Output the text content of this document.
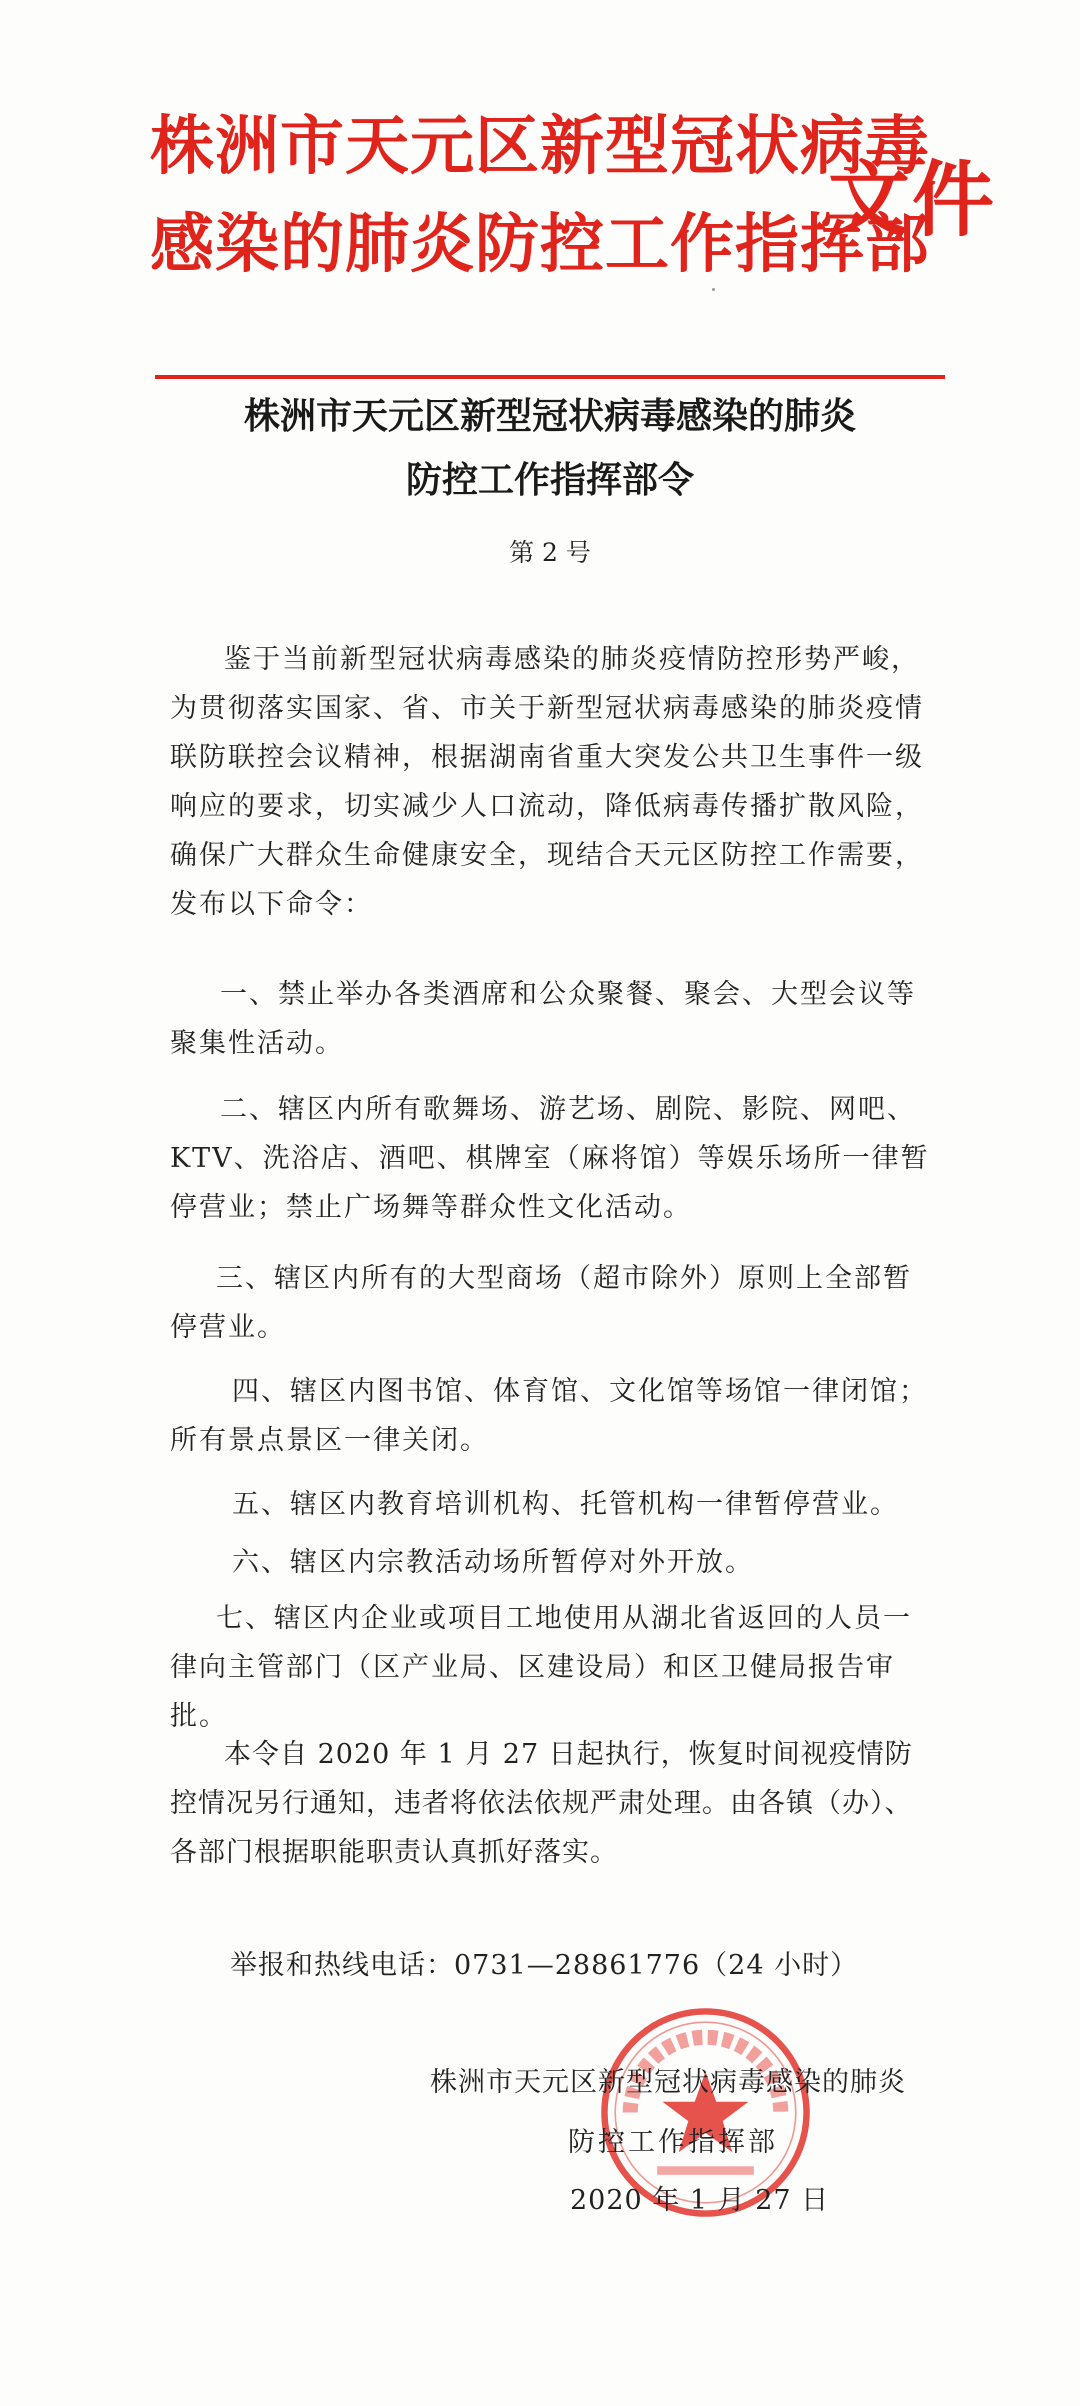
株洲市天元区新型冠状病毒
感染的肺炎防控工作指挥部
文件
株洲市天元区新型冠状病毒感染的肺炎
防控工作指挥部令
第 2 号
鉴于当前新型冠状病毒感染的肺炎疫情防控形势严峻，为贯彻落实国家、省、市关于新型冠状病毒感染的肺炎疫情联防联控会议精神，根据湖南省重大突发公共卫生事件一级响应的要求，切实减少人口流动，降低病毒传播扩散风险，确保广大群众生命健康安全，现结合天元区防控工作需要，发布以下命令：
一、禁止举办各类酒席和公众聚餐、聚会、大型会议等聚集性活动。
二、辖区内所有歌舞场、游艺场、剧院、影院、网吧、KTV、洗浴店、酒吧、棋牌室（麻将馆）等娱乐场所一律暂停营业；禁止广场舞等群众性文化活动。
三、辖区内所有的大型商场（超市除外）原则上全部暂停营业。
四、辖区内图书馆、体育馆、文化馆等场馆一律闭馆；所有景点景区一律关闭。
五、辖区内教育培训机构、托管机构一律暂停营业。
六、辖区内宗教活动场所暂停对外开放。
七、辖区内企业或项目工地使用从湖北省返回的人员一律向主管部门（区产业局、区建设局）和区卫健局报告审批。
本令自 2020 年 1 月 27 日起执行，恢复时间视疫情防控情况另行通知，违者将依法依规严肃处理。由各镇（办）、各部门根据职能职责认真抓好落实。
举报和热线电话：0731—28861776（24 小时）
株洲市天元区新型冠状病毒感染的肺炎
防控工作指挥部
2020 年 1 月 27 日
